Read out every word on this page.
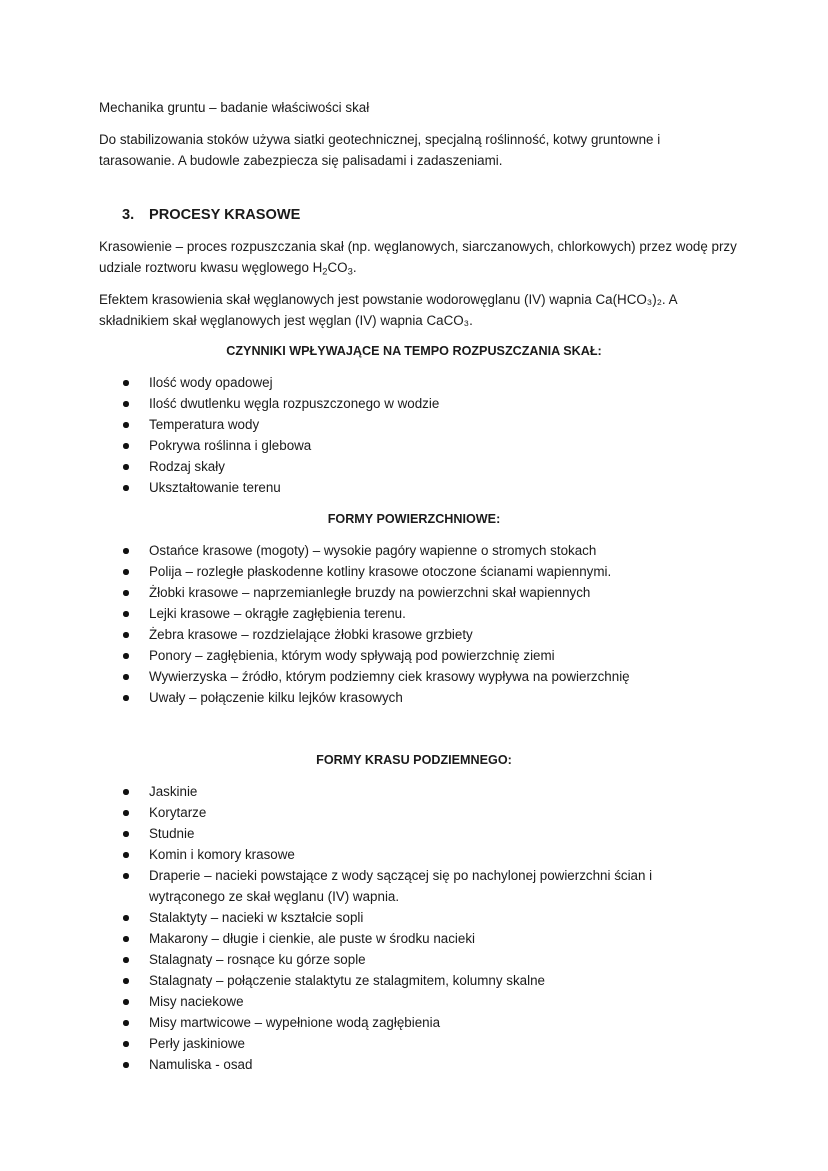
Mechanika gruntu – badanie właściwości skał

Do stabilizowania stoków używa siatki geotechnicznej, specjalną roślinność, kotwy gruntowne i tarasowanie. A budowle zabezpiecza się palisadami i zadaszeniami.

3. PROCESY KRASOWE

Krasowienie – proces rozpuszczania skał (np. węglanowych, siarczanowych, chlorkowych) przez wodę przy udziale roztworu kwasu węglowego $H_2CO_3$.

Efektem krasowienia skał węglanowych jest powstanie wodorowęglanu (IV) wapnia Ca(HCO₃)₂. A składnikiem skał węglanowych jest węglan (IV) wapnia CaCO₃.

CZYNNIKI WPŁYWAJĄCE NA TEMPO ROZPUSZCZANIA SKAŁ:

Ilość wody opadowej
Ilość dwutlenku węgla rozpuszczonego w wodzie
Temperatura wody
Pokrywa roślinna i glebowa
Rodzaj skały
Ukształtowanie terenu

FORMY POWIERZCHNIOWE:

Ostańce krasowe (mogoty) – wysokie pagóry wapienne o stromych stokach
Polija – rozległe płaskodenne kotliny krasowe otoczone ścianami wapiennymi.
Żłobki krasowe – naprzemianległe bruzdy na powierzchni skał wapiennych
Lejki krasowe – okrągłe zagłębienia terenu.
Żebra krasowe – rozdzielające żłobki krasowe grzbiety
Ponory – zagłębienia, którym wody spływają pod powierzchnię ziemi
Wywierzyska – źródło, którym podziemny ciek krasowy wypływa na powierzchnię
Uwały – połączenie kilku lejków krasowych

FORMY KRASU PODZIEMNEGO:

Jaskinie
Korytarze
Studnie
Komin i komory krasowe
Draperie – nacieki powstające z wody sączącej się po nachylonej powierzchni ścian i wytrąconego ze skał węglanu (IV) wapnia.
Stalaktyty – nacieki w kształcie sopli
Makarony – długie i cienkie, ale puste w środku nacieki
Stalagnaty – rosnące ku górze sople
Stalagnaty – połączenie stalaktytu ze stalagmitem, kolumny skalne
Misy naciekowe
Misy martwicowe – wypełnione wodą zagłębienia
Perły jaskiniowe
Namuliska - osad
